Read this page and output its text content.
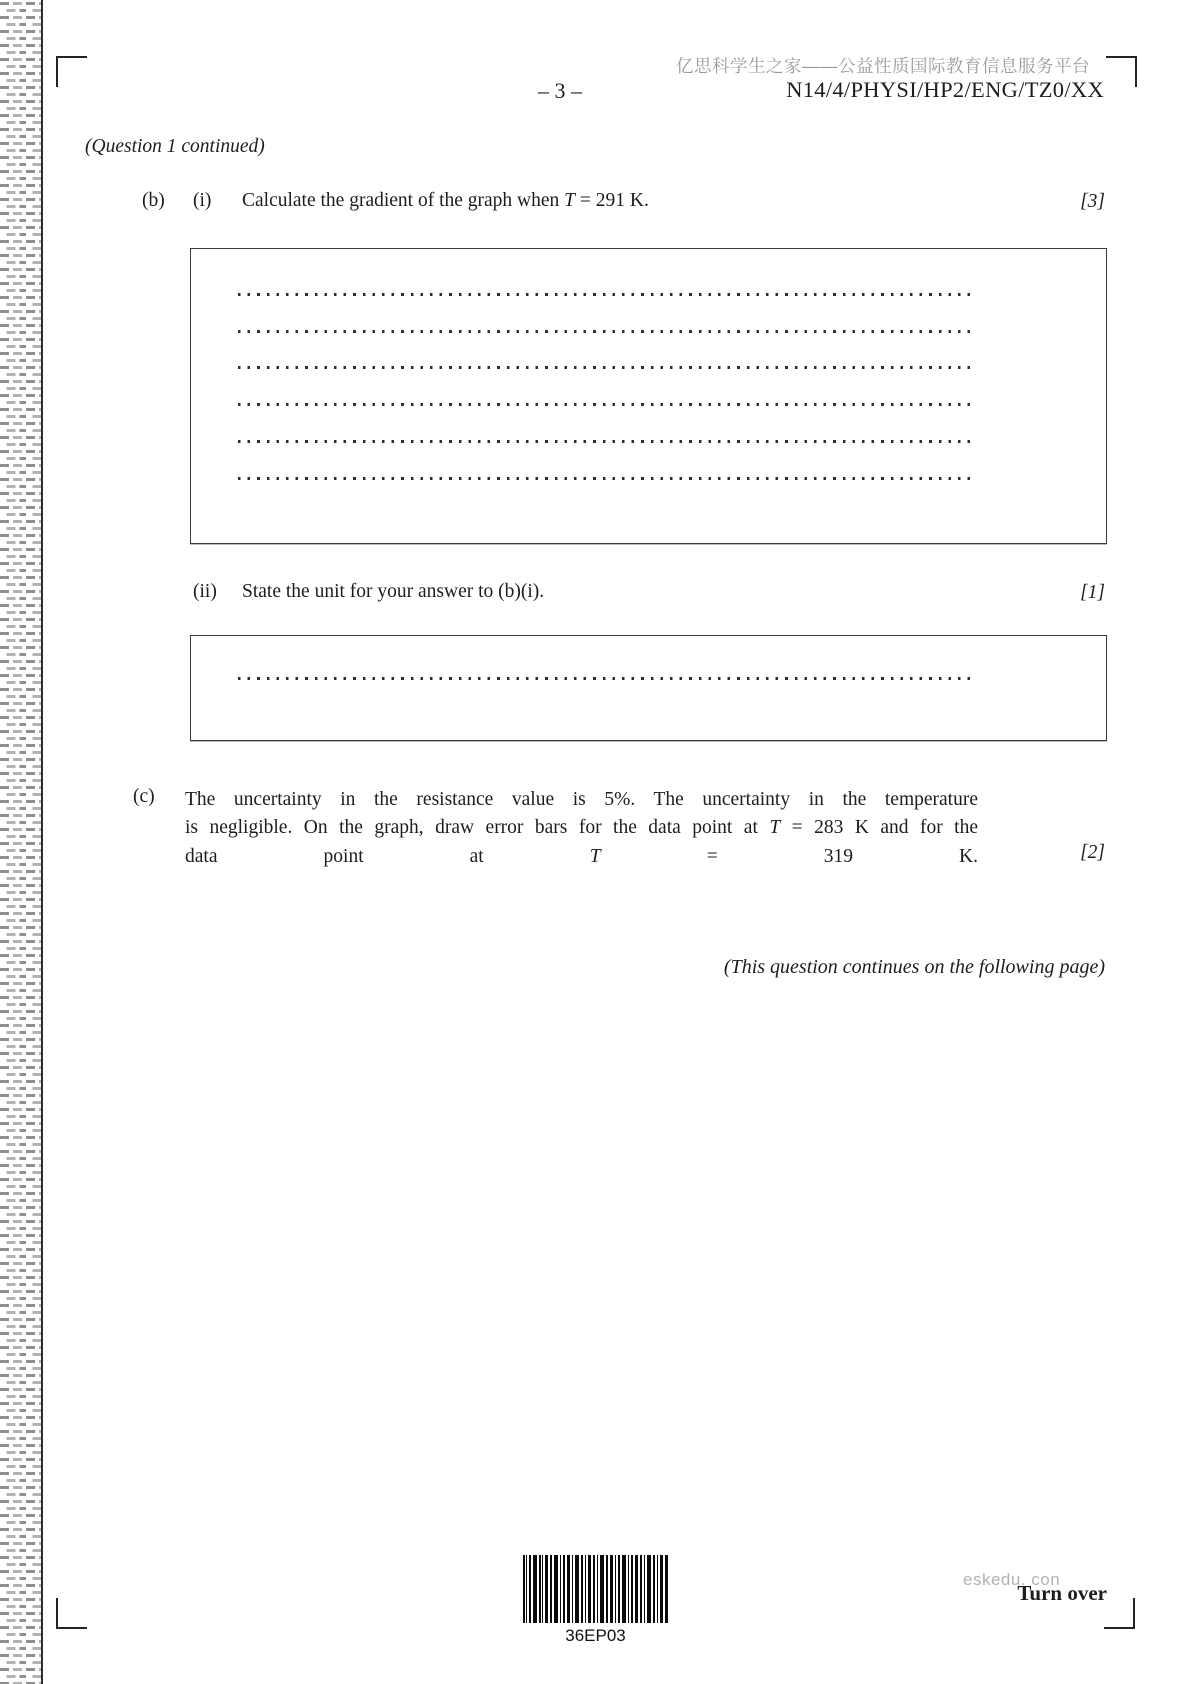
亿思科学生之家——公益性质国际教育信息服务平台
– 3 –	N14/4/PHYSI/HP2/ENG/TZ0/XX
(Question 1 continued)
(b) (i) Calculate the gradient of the graph when T = 291 K.	[3]
(ii) State the unit for your answer to (b)(i).	[1]
(c) The uncertainty in the resistance value is 5%. The uncertainty in the temperature
is negligible. On the graph, draw error bars for the data point at T = 283 K and for the
data point at T = 319 K.	[2]
(This question continues on the following page)
36EP03
eskedu. con
Turn over
